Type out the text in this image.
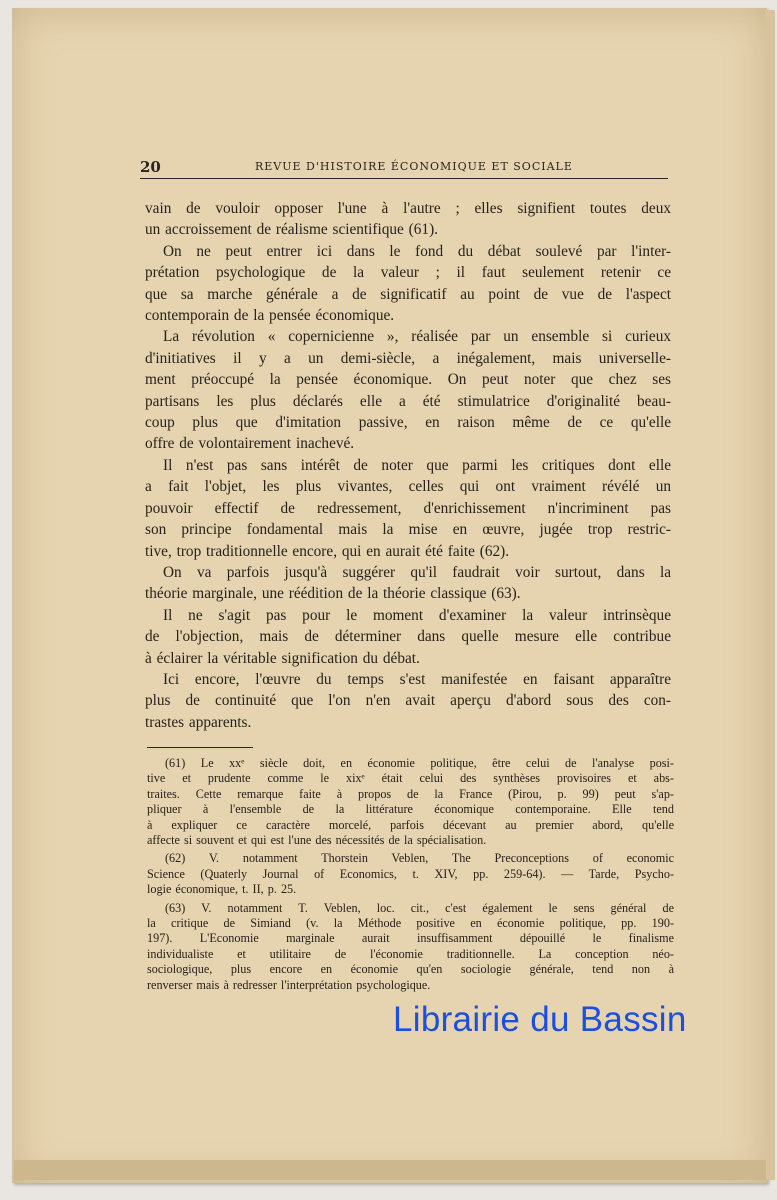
20	REVUE D'HISTOIRE ÉCONOMIQUE ET SOCIALE
vain de vouloir opposer l'une à l'autre ; elles signifient toutes deux
un accroissement de réalisme scientifique (61).
On ne peut entrer ici dans le fond du débat soulevé par l'inter-
prétation psychologique de la valeur ; il faut seulement retenir ce
que sa marche générale a de significatif au point de vue de l'aspect
contemporain de la pensée économique.
La révolution « copernicienne », réalisée par un ensemble si curieux
d'initiatives il y a un demi-siècle, a inégalement, mais universelle-
ment préoccupé la pensée économique. On peut noter que chez ses
partisans les plus déclarés elle a été stimulatrice d'originalité beau-
coup plus que d'imitation passive, en raison même de ce qu'elle
offre de volontairement inachevé.
Il n'est pas sans intérêt de noter que parmi les critiques dont elle
a fait l'objet, les plus vivantes, celles qui ont vraiment révélé un
pouvoir effectif de redressement, d'enrichissement n'incriminent pas
son principe fondamental mais la mise en œuvre, jugée trop restric-
tive, trop traditionnelle encore, qui en aurait été faite (62).
On va parfois jusqu'à suggérer qu'il faudrait voir surtout, dans la
théorie marginale, une réédition de la théorie classique (63).
Il ne s'agit pas pour le moment d'examiner la valeur intrinsèque
de l'objection, mais de déterminer dans quelle mesure elle contribue
à éclairer la véritable signification du débat.
Ici encore, l'œuvre du temps s'est manifestée en faisant apparaître
plus de continuité que l'on n'en avait aperçu d'abord sous des con-
trastes apparents.
(61) Le xxᵉ siècle doit, en économie politique, être celui de l'analyse posi-
tive et prudente comme le xixᵉ était celui des synthèses provisoires et abs-
traites. Cette remarque faite à propos de la France (Pirou, p. 99) peut s'ap-
pliquer à l'ensemble de la littérature économique contemporaine. Elle tend
à expliquer ce caractère morcelé, parfois décevant au premier abord, qu'elle
affecte si souvent et qui est l'une des nécessités de la spécialisation.
(62) V. notamment Thorstein Veblen, The Preconceptions of economic
Science (Quaterly Journal of Economics, t. XIV, pp. 259-64). — Tarde, Psycho-
logie économique, t. II, p. 25.
(63) V. notamment T. Veblen, loc. cit., c'est également le sens général de
la critique de Simiand (v. la Méthode positive en économie politique, pp. 190-
197). L'Economie marginale aurait insuffisamment dépouillé le finalisme
individualiste et utilitaire de l'économie traditionnelle. La conception néo-
sociologique, plus encore en économie qu'en sociologie générale, tend non à
renverser mais à redresser l'interprétation psychologique.
Librairie du Bassin
